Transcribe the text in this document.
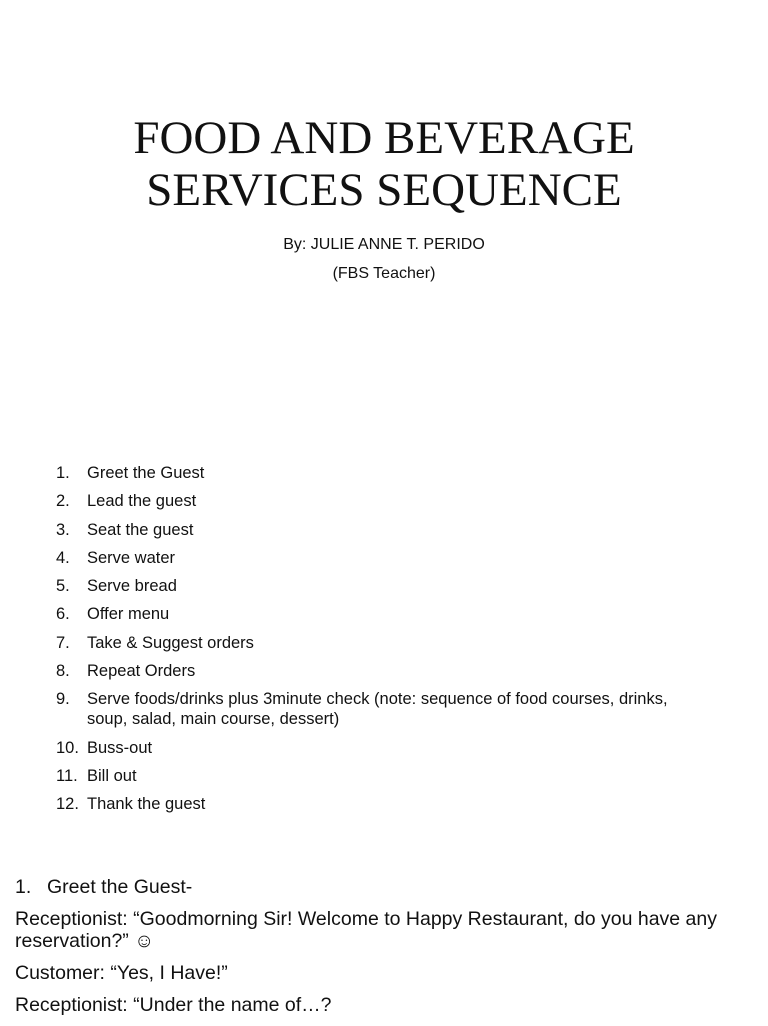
FOOD AND BEVERAGE
SERVICES SEQUENCE
By: JULIE ANNE T. PERIDO
(FBS Teacher)
1.	Greet the Guest
2.	Lead the guest
3.	Seat the guest
4.	Serve water
5.	Serve bread
6.	Offer menu
7.	Take & Suggest orders
8.	Repeat Orders
9.	Serve foods/drinks plus 3minute check (note: sequence of food courses, drinks, soup, salad, main course, dessert)
10. Buss-out
11. Bill out
12. Thank the guest
1. Greet the Guest-

Receptionist: “Goodmorning Sir! Welcome to Happy Restaurant, do you have any reservation?” ☺

Customer: “Yes, I Have!”

Receptionist: “Under the name of…?
